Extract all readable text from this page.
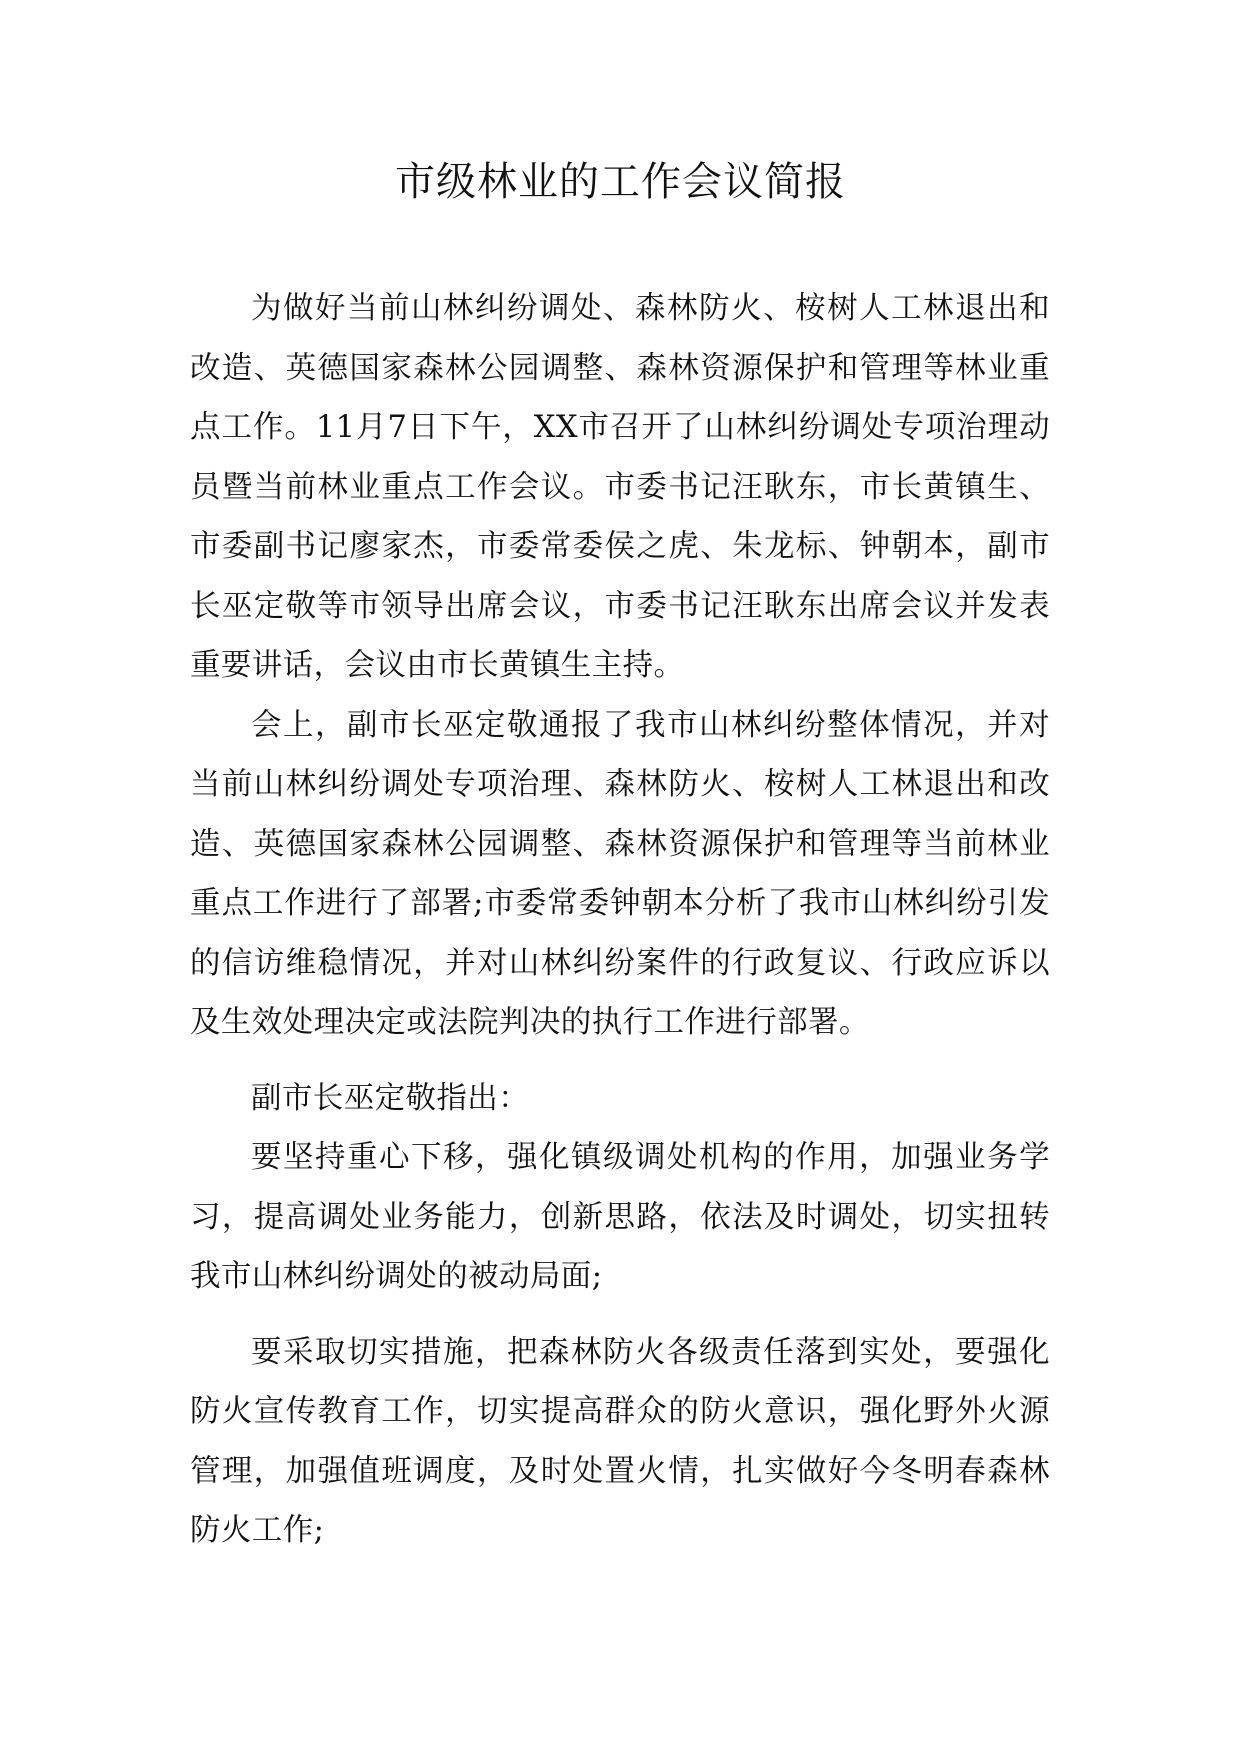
市级林业的工作会议简报

为做好当前山林纠纷调处、森林防火、桉树人工林退出和改造、英德国家森林公园调整、森林资源保护和管理等林业重点工作。11月7日下午，XX市召开了山林纠纷调处专项治理动员暨当前林业重点工作会议。市委书记汪耿东，市长黄镇生、市委副书记廖家杰，市委常委侯之虎、朱龙标、钟朝本，副市长巫定敬等市领导出席会议，市委书记汪耿东出席会议并发表重要讲话，会议由市长黄镇生主持。

会上，副市长巫定敬通报了我市山林纠纷整体情况，并对当前山林纠纷调处专项治理、森林防火、桉树人工林退出和改造、英德国家森林公园调整、森林资源保护和管理等当前林业重点工作进行了部署;市委常委钟朝本分析了我市山林纠纷引发的信访维稳情况，并对山林纠纷案件的行政复议、行政应诉以及生效处理决定或法院判决的执行工作进行部署。

副市长巫定敬指出：

要坚持重心下移，强化镇级调处机构的作用，加强业务学习，提高调处业务能力，创新思路，依法及时调处，切实扭转我市山林纠纷调处的被动局面;

要采取切实措施，把森林防火各级责任落到实处，要强化防火宣传教育工作，切实提高群众的防火意识，强化野外火源管理，加强值班调度，及时处置火情，扎实做好今冬明春森林防火工作;
